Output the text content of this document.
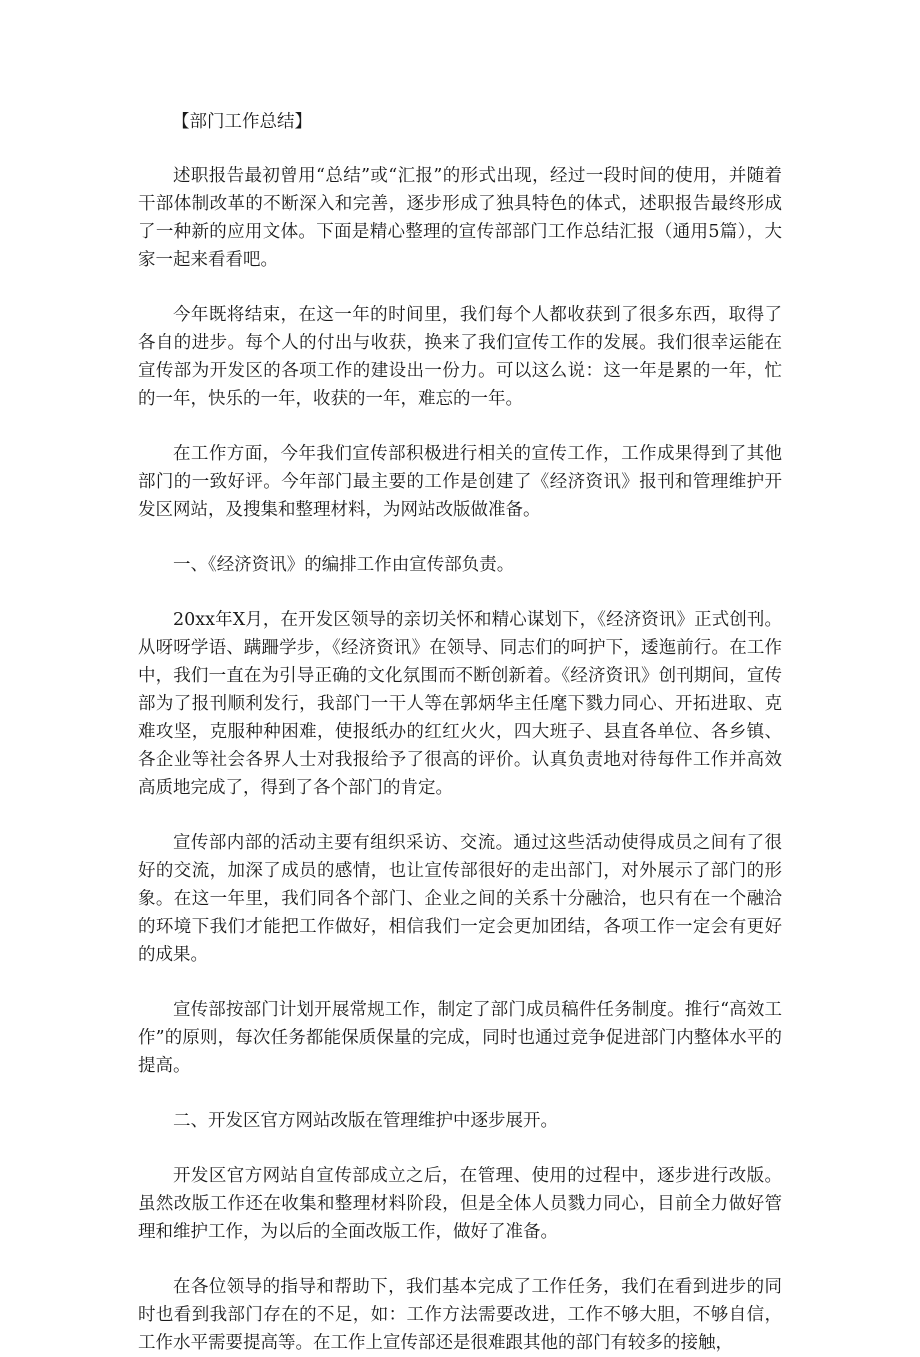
【部门工作总结】

述职报告最初曾用“总结”或“汇报”的形式出现，经过一段时间的使用，并随着干部体制改革的不断深入和完善，逐步形成了独具特色的体式，述职报告最终形成了一种新的应用文体。下面是精心整理的宣传部部门工作总结汇报（通用5篇），大家一起来看看吧。

今年既将结束，在这一年的时间里，我们每个人都收获到了很多东西，取得了各自的进步。每个人的付出与收获，换来了我们宣传工作的发展。我们很幸运能在宣传部为开发区的各项工作的建设出一份力。可以这么说：这一年是累的一年，忙的一年，快乐的一年，收获的一年，难忘的一年。

在工作方面，今年我们宣传部积极进行相关的宣传工作，工作成果得到了其他部门的一致好评。今年部门最主要的工作是创建了《经济资讯》报刊和管理维护开发区网站，及搜集和整理材料，为网站改版做准备。

一、《经济资讯》的编排工作由宣传部负责。

20xx年X月，在开发区领导的亲切关怀和精心谋划下，《经济资讯》正式创刊。从呀呀学语、蹒跚学步，《经济资讯》在领导、同志们的呵护下，逶迤前行。在工作中，我们一直在为引导正确的文化氛围而不断创新着。《经济资讯》创刊期间，宣传部为了报刊顺利发行，我部门一干人等在郭炳华主任麾下戮力同心、开拓进取、克难攻坚，克服种种困难，使报纸办的红红火火，四大班子、县直各单位、各乡镇、各企业等社会各界人士对我报给予了很高的评价。认真负责地对待每件工作并高效高质地完成了，得到了各个部门的肯定。

宣传部内部的活动主要有组织采访、交流。通过这些活动使得成员之间有了很好的交流，加深了成员的感情，也让宣传部很好的走出部门，对外展示了部门的形象。在这一年里，我们同各个部门、企业之间的关系十分融洽，也只有在一个融洽的环境下我们才能把工作做好，相信我们一定会更加团结，各项工作一定会有更好的成果。

宣传部按部门计划开展常规工作，制定了部门成员稿件任务制度。推行“高效工作”的原则，每次任务都能保质保量的完成，同时也通过竞争促进部门内整体水平的提高。

二、开发区官方网站改版在管理维护中逐步展开。

开发区官方网站自宣传部成立之后，在管理、使用的过程中，逐步进行改版。虽然改版工作还在收集和整理材料阶段，但是全体人员戮力同心，目前全力做好管理和维护工作，为以后的全面改版工作，做好了准备。

在各位领导的指导和帮助下，我们基本完成了工作任务，我们在看到进步的同时也看到我部门存在的不足，如：工作方法需要改进，工作不够大胆，不够自信，工作水平需要提高等。在工作上宣传部还是很难跟其他的部门有较多的接触，
